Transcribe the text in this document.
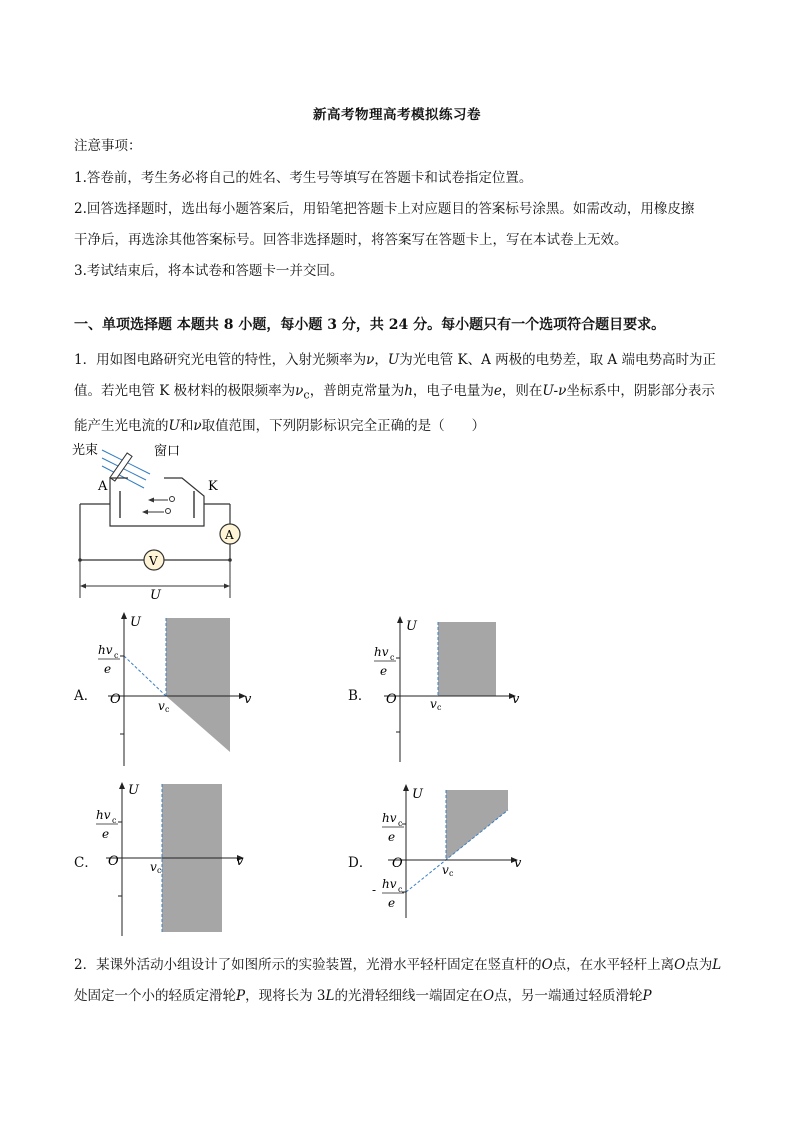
新高考物理高考模拟练习卷
注意事项：
1.答卷前，考生务必将自己的姓名、考生号等填写在答题卡和试卷指定位置。
2.回答选择题时，选出每小题答案后，用铅笔把答题卡上对应题目的答案标号涂黑。如需改动，用橡皮擦
干净后，再选涂其他答案标号。回答非选择题时，将答案写在答题卡上，写在本试卷上无效。
3.考试结束后，将本试卷和答题卡一并交回。
一、单项选择题 本题共 8 小题，每小题 3 分，共 24 分。每小题只有一个选项符合题目要求。
1．用如图电路研究光电管的特性，入射光频率为ν，U为光电管 K、A 两极的电势差，取 A 端电势高时为正值。若光电管 K 极材料的极限频率为$\nu_c$，普朗克常量为h，电子电量为e，则在U-ν坐标系中，阴影部分表示能产生光电流的U和ν取值范围，下列阴影标识完全正确的是（　　）
光束	窗口
A	K
A
V
U
A．
U
v
O
hv c
e
v c
B．
U
v
O
hv c
e
v c
C．
U
v
O
hv c
e
v c	D．
U
v
O
hv c
e
- hv c
e
v c
2．某课外活动小组设计了如图所示的实验装置，光滑水平轻杆固定在竖直杆的O点，在水平轻杆上离O点为L处固定一个小的轻质定滑轮P，现将长为 3L的光滑轻细线一端固定在O点，另一端通过轻质滑轮P
